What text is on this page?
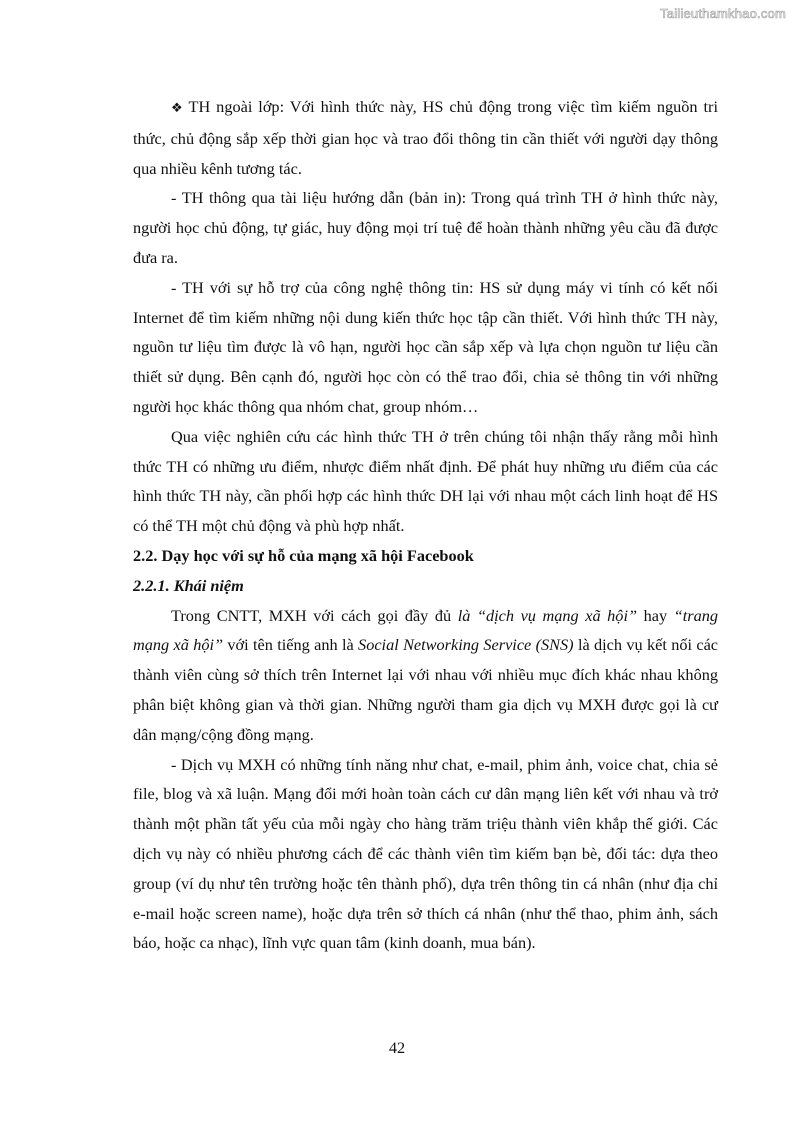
Tailieuthamkhao.com

❖ TH ngoài lớp: Với hình thức này, HS chủ động trong việc tìm kiếm nguồn tri thức, chủ động sắp xếp thời gian học và trao đổi thông tin cần thiết với người dạy thông qua nhiều kênh tương tác.

- TH thông qua tài liệu hướng dẫn (bản in): Trong quá trình TH ở hình thức này, người học chủ động, tự giác, huy động mọi trí tuệ để hoàn thành những yêu cầu đã được đưa ra.

- TH với sự hỗ trợ của công nghệ thông tin: HS sử dụng máy vi tính có kết nối Internet để tìm kiếm những nội dung kiến thức học tập cần thiết. Với hình thức TH này, nguồn tư liệu tìm được là vô hạn, người học cần sắp xếp và lựa chọn nguồn tư liệu cần thiết sử dụng. Bên cạnh đó, người học còn có thể trao đổi, chia sẻ thông tin với những người học khác thông qua nhóm chat, group nhóm…

Qua việc nghiên cứu các hình thức TH ở trên chúng tôi nhận thấy rằng mỗi hình thức TH có những ưu điểm, nhược điểm nhất định. Để phát huy những ưu điểm của các hình thức TH này, cần phối hợp các hình thức DH lại với nhau một cách linh hoạt để HS có thể TH một chủ động và phù hợp nhất.

2.2. Dạy học với sự hỗ của mạng xã hội Facebook

2.2.1. Khái niệm

Trong CNTT, MXH với cách gọi đầy đủ là “dịch vụ mạng xã hội” hay “trang mạng xã hội” với tên tiếng anh là Social Networking Service (SNS) là dịch vụ kết nối các thành viên cùng sở thích trên Internet lại với nhau với nhiều mục đích khác nhau không phân biệt không gian và thời gian. Những người tham gia dịch vụ MXH được gọi là cư dân mạng/cộng đồng mạng.

- Dịch vụ MXH có những tính năng như chat, e-mail, phim ảnh, voice chat, chia sẻ file, blog và xã luận. Mạng đổi mới hoàn toàn cách cư dân mạng liên kết với nhau và trở thành một phần tất yếu của mỗi ngày cho hàng trăm triệu thành viên khắp thế giới. Các dịch vụ này có nhiều phương cách để các thành viên tìm kiếm bạn bè, đối tác: dựa theo group (ví dụ như tên trường hoặc tên thành phố), dựa trên thông tin cá nhân (như địa chỉ e-mail hoặc screen name), hoặc dựa trên sở thích cá nhân (như thể thao, phim ảnh, sách báo, hoặc ca nhạc), lĩnh vực quan tâm (kinh doanh, mua bán).

42
